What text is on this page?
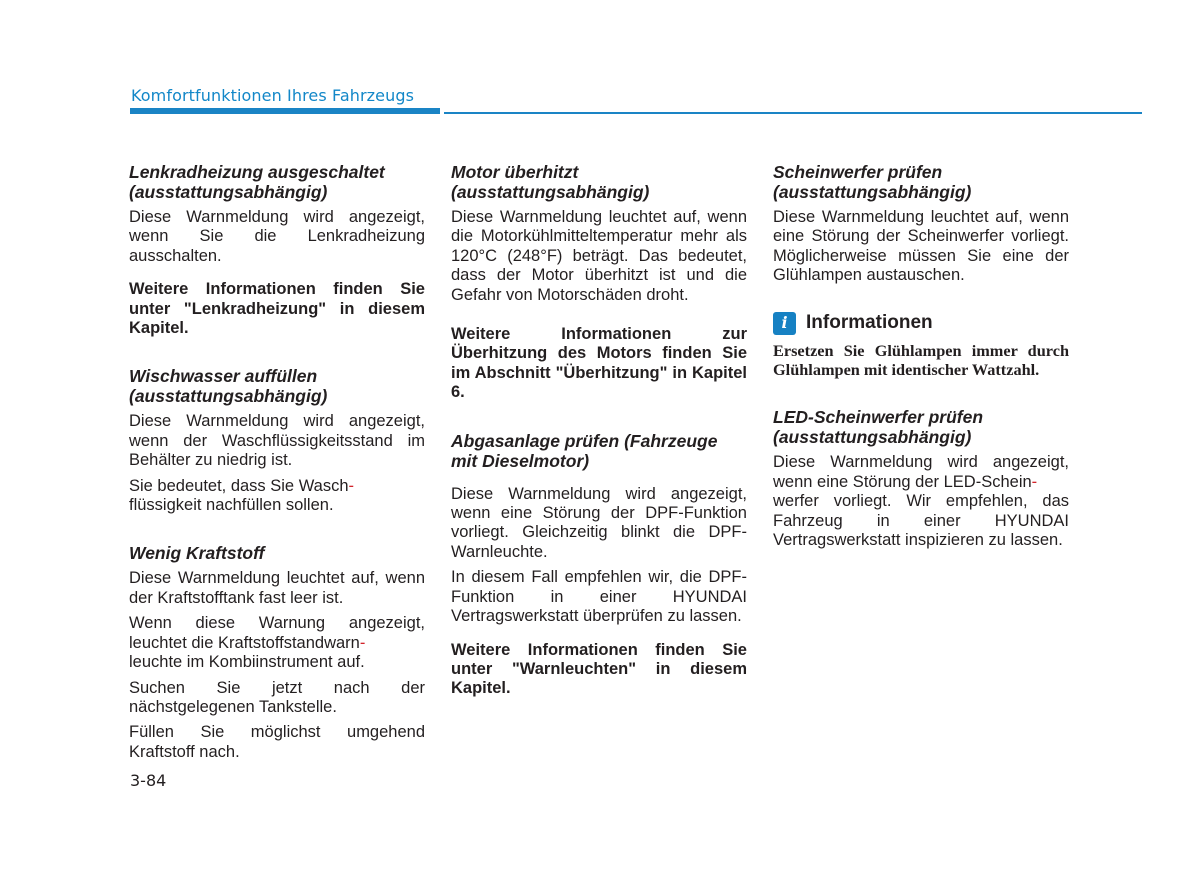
Komfortfunktionen Ihres Fahrzeugs
Lenkradheizung ausgeschaltet
(ausstattungsabhängig)

Diese Warnmeldung wird angezeigt, wenn Sie die Lenkradheizung ausschalten.

Weitere Informationen finden Sie unter "Lenkradheizung" in diesem Kapitel.

Wischwasser auffüllen
(ausstattungsabhängig)

Diese Warnmeldung wird angezeigt, wenn der Waschflüssigkeitsstand im Behälter zu niedrig ist.

Sie bedeutet, dass Sie Wasch-
flüssigkeit nachfüllen sollen.

Wenig Kraftstoff

Diese Warnmeldung leuchtet auf, wenn der Kraftstofftank fast leer ist.

Wenn diese Warnung angezeigt, leuchtet die Kraftstoffstandwarn-
leuchte im Kombiinstrument auf.

Suchen Sie jetzt nach der nächstgelegenen Tankstelle.

Füllen Sie möglichst umgehend Kraftstoff nach.

Motor überhitzt
(ausstattungsabhängig)

Diese Warnmeldung leuchtet auf, wenn die Motorkühlmitteltemperatur mehr als 120°C (248°F) beträgt. Das bedeutet, dass der Motor überhitzt ist und die Gefahr von Motorschäden droht.

Weitere Informationen zur Überhitzung des Motors finden Sie im Abschnitt "Überhitzung" in Kapitel 6.

Abgasanlage prüfen (Fahrzeuge
mit Dieselmotor)

Diese Warnmeldung wird angezeigt, wenn eine Störung der DPF-Funktion vorliegt. Gleichzeitig blinkt die DPF-Warnleuchte.

In diesem Fall empfehlen wir, die DPF-Funktion in einer HYUNDAI Vertragswerkstatt überprüfen zu lassen.

Weitere Informationen finden Sie unter "Warnleuchten" in diesem Kapitel.

Scheinwerfer prüfen
(ausstattungsabhängig)

Diese Warnmeldung leuchtet auf, wenn eine Störung der Scheinwerfer vorliegt. Möglicherweise müssen Sie eine der Glühlampen austauschen.

i Informationen
Ersetzen Sie Glühlampen immer durch Glühlampen mit identischer Wattzahl.
LED-Scheinwerfer prüfen
(ausstattungsabhängig)

Diese Warnmeldung wird angezeigt, wenn eine Störung der LED-Schein-
werfer vorliegt. Wir empfehlen, das Fahrzeug in einer HYUNDAI Vertragswerkstatt inspizieren zu lassen.

3-84
